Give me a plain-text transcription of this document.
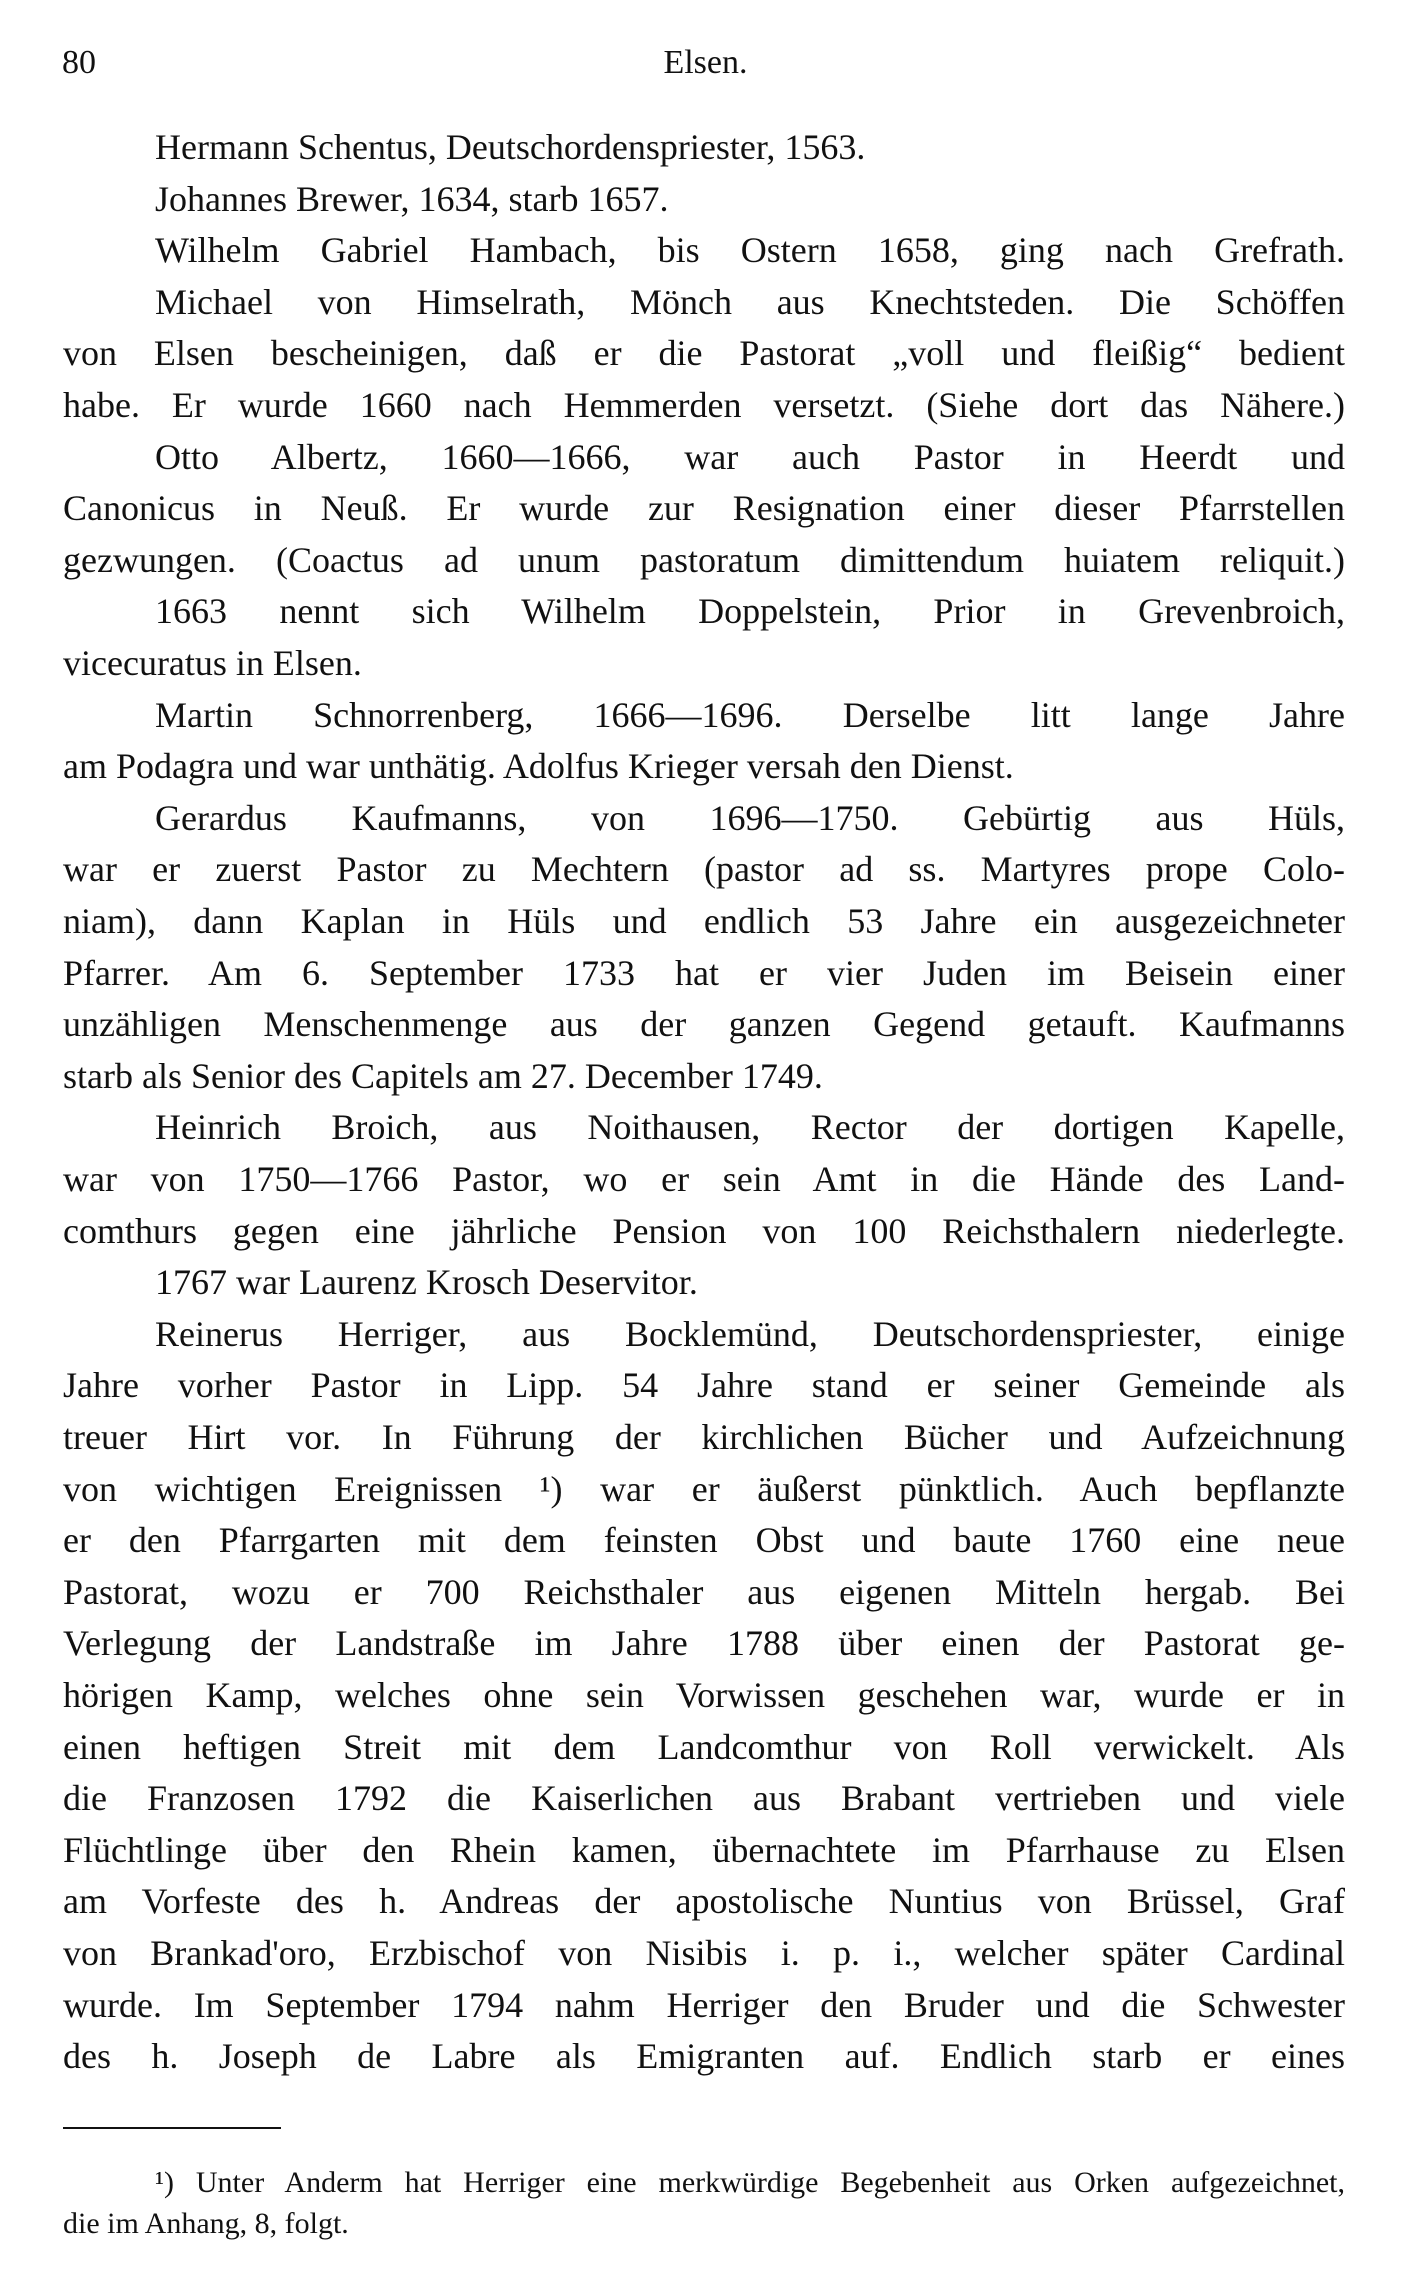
80	Elsen.
Hermann Schentus, Deutschordenspriester, 1563.
Johannes Brewer, 1634, starb 1657.
Wilhelm Gabriel Hambach, bis Ostern 1658, ging nach Grefrath.
Michael von Himselrath, Mönch aus Knechtsteden. Die Schöffen
von Elsen bescheinigen, daß er die Pastorat „voll und fleißig“ bedient
habe. Er wurde 1660 nach Hemmerden versetzt. (Siehe dort das Nähere.)
Otto Albertz, 1660—1666, war auch Pastor in Heerdt und
Canonicus in Neuß. Er wurde zur Resignation einer dieser Pfarrstellen
gezwungen. (Coactus ad unum pastoratum dimittendum huiatem reliquit.)
1663 nennt sich Wilhelm Doppelstein, Prior in Grevenbroich,
vicecuratus in Elsen.
Martin Schnorrenberg, 1666—1696. Derselbe litt lange Jahre
am Podagra und war unthätig. Adolfus Krieger versah den Dienst.
Gerardus Kaufmanns, von 1696—1750. Gebürtig aus Hüls,
war er zuerst Pastor zu Mechtern (pastor ad ss. Martyres prope Colo-
niam), dann Kaplan in Hüls und endlich 53 Jahre ein ausgezeichneter
Pfarrer. Am 6. September 1733 hat er vier Juden im Beisein einer
unzähligen Menschenmenge aus der ganzen Gegend getauft. Kaufmanns
starb als Senior des Capitels am 27. December 1749.
Heinrich Broich, aus Noithausen, Rector der dortigen Kapelle,
war von 1750—1766 Pastor, wo er sein Amt in die Hände des Land-
comthurs gegen eine jährliche Pension von 100 Reichsthalern niederlegte.
1767 war Laurenz Krosch Deservitor.
Reinerus Herriger, aus Bocklemünd, Deutschordenspriester, einige
Jahre vorher Pastor in Lipp. 54 Jahre stand er seiner Gemeinde als
treuer Hirt vor. In Führung der kirchlichen Bücher und Aufzeichnung
von wichtigen Ereignissen ¹) war er äußerst pünktlich. Auch bepflanzte
er den Pfarrgarten mit dem feinsten Obst und baute 1760 eine neue
Pastorat, wozu er 700 Reichsthaler aus eigenen Mitteln hergab. Bei
Verlegung der Landstraße im Jahre 1788 über einen der Pastorat ge-
hörigen Kamp, welches ohne sein Vorwissen geschehen war, wurde er in
einen heftigen Streit mit dem Landcomthur von Roll verwickelt. Als
die Franzosen 1792 die Kaiserlichen aus Brabant vertrieben und viele
Flüchtlinge über den Rhein kamen, übernachtete im Pfarrhause zu Elsen
am Vorfeste des h. Andreas der apostolische Nuntius von Brüssel, Graf
von Brankad'oro, Erzbischof von Nisibis i. p. i., welcher später Cardinal
wurde. Im September 1794 nahm Herriger den Bruder und die Schwester
des h. Joseph de Labre als Emigranten auf. Endlich starb er eines
¹) Unter Anderm hat Herriger eine merkwürdige Begebenheit aus Orken aufgezeichnet,
die im Anhang, 8, folgt.
